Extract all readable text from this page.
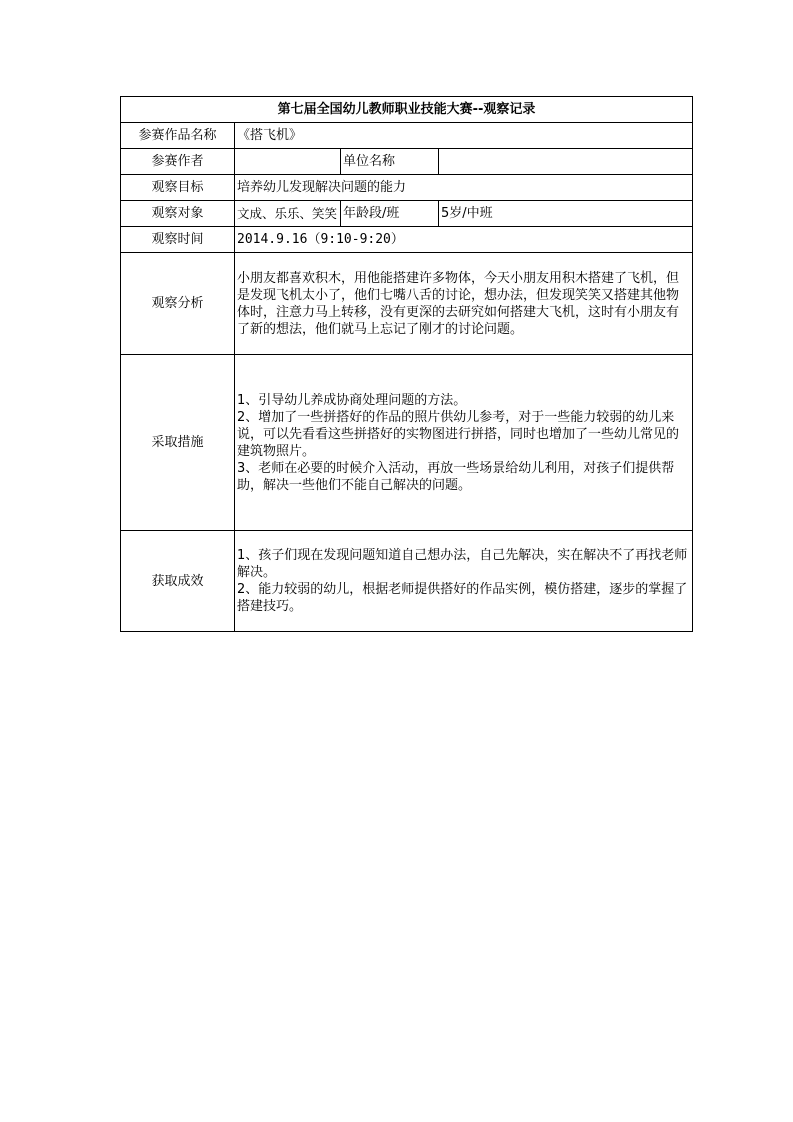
第七届全国幼儿教师职业技能大赛--观察记录			
参赛作品名称	《搭飞机》		
参赛作者		单位名称	
观察目标	培养幼儿发现解决问题的能力		
观察对象	文成、乐乐、笑笑	年龄段/班	5岁/中班
观察时间	2014.9.16（9:10-9:20）		
观察分析	小朋友都喜欢积木，用他能搭建许多物体，今天小朋友用积木搭建了飞机，但是发现飞机太小了，他们七嘴八舌的讨论，想办法，但发现笑笑又搭建其他物体时，注意力马上转移，没有更深的去研究如何搭建大飞机，这时有小朋友有了新的想法，他们就马上忘记了刚才的讨论问题。		
采取措施	1、引导幼儿养成协商处理问题的方法。

2、增加了一些拼搭好的作品的照片供幼儿参考，对于一些能力较弱的幼儿来说，可以先看看这些拼搭好的实物图进行拼搭，同时也增加了一些幼儿常见的建筑物照片。

3、老师在必要的时候介入活动，再放一些场景给幼儿利用，对孩子们提供帮助，解决一些他们不能自己解决的问题。		

获取成效	1、孩子们现在发现问题知道自己想办法，自己先解决，实在解决不了再找老师解决。

2、能力较弱的幼儿，根据老师提供搭好的作品实例，模仿搭建，逐步的掌握了搭建技巧。		
